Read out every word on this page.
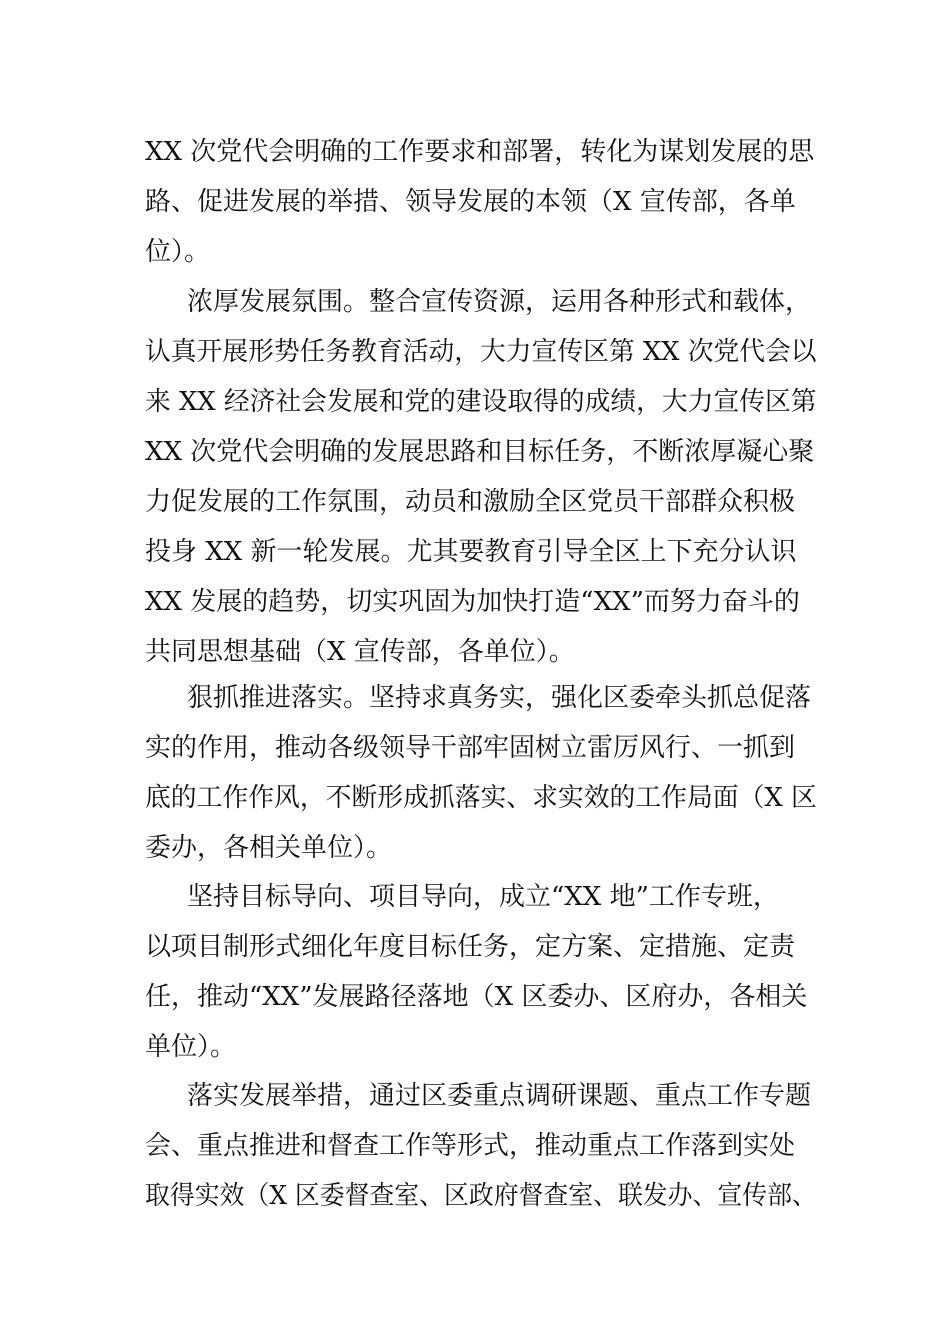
XX 次党代会明确的工作要求和部署，转化为谋划发展的思
路、促进发展的举措、领导发展的本领（X 宣传部，各单
位）。
浓厚发展氛围。整合宣传资源，运用各种形式和载体，
认真开展形势任务教育活动，大力宣传区第 XX 次党代会以
来 XX 经济社会发展和党的建设取得的成绩，大力宣传区第
XX 次党代会明确的发展思路和目标任务，不断浓厚凝心聚
力促发展的工作氛围，动员和激励全区党员干部群众积极
投身 XX 新一轮发展。尤其要教育引导全区上下充分认识
XX 发展的趋势，切实巩固为加快打造“XX”而努力奋斗的
共同思想基础（X 宣传部，各单位）。
狠抓推进落实。坚持求真务实，强化区委牵头抓总促落
实的作用，推动各级领导干部牢固树立雷厉风行、一抓到
底的工作作风，不断形成抓落实、求实效的工作局面（X 区
委办，各相关单位）。
坚持目标导向、项目导向，成立“XX 地”工作专班，
以项目制形式细化年度目标任务，定方案、定措施、定责
任，推动“XX”发展路径落地（X 区委办、区府办，各相关
单位）。
落实发展举措，通过区委重点调研课题、重点工作专题
会、重点推进和督查工作等形式，推动重点工作落到实处
取得实效（X 区委督查室、区政府督查室、联发办、宣传部、
